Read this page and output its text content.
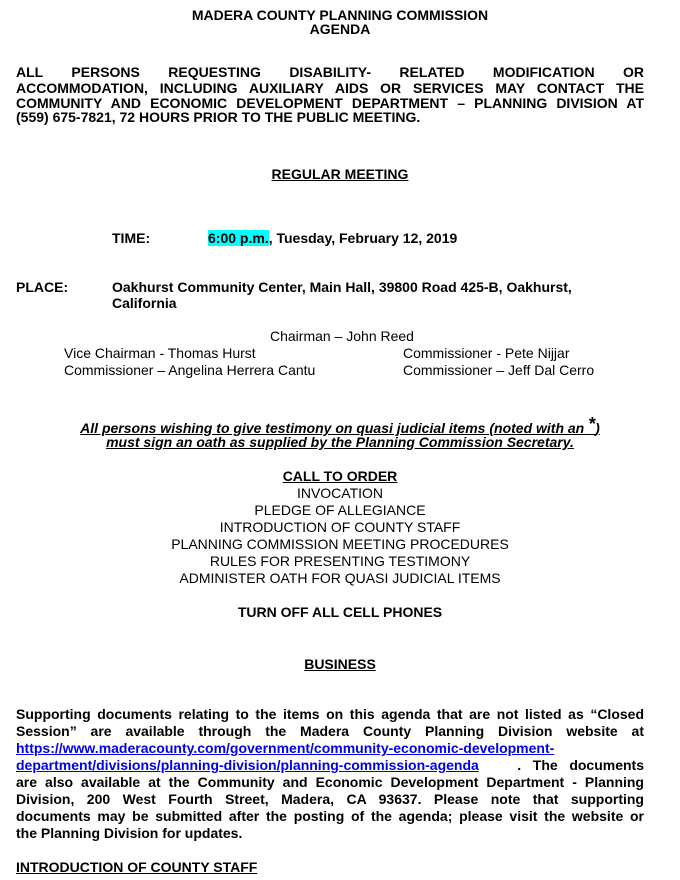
MADERA COUNTY PLANNING COMMISSION
AGENDA
ALL PERSONS REQUESTING DISABILITY- RELATED MODIFICATION OR
ACCOMMODATION, INCLUDING AUXILIARY AIDS OR SERVICES MAY CONTACT THE
COMMUNITY AND ECONOMIC DEVELOPMENT DEPARTMENT – PLANNING DIVISION AT
(559) 675-7821, 72 HOURS PRIOR TO THE PUBLIC MEETING.
REGULAR MEETING
TIME:	6:00 p.m., Tuesday, February 12, 2019
PLACE:	Oakhurst Community Center, Main Hall, 39800 Road 425-B, Oakhurst,
California
Chairman – John Reed
Vice Chairman - Thomas Hurst	Commissioner - Pete Nijjar
Commissioner – Angelina Herrera Cantu	Commissioner – Jeff Dal Cerro
All persons wishing to give testimony on quasi judicial items (noted with an *)
must sign an oath as supplied by the Planning Commission Secretary.
CALL TO ORDER
INVOCATION
PLEDGE OF ALLEGIANCE
INTRODUCTION OF COUNTY STAFF
PLANNING COMMISSION MEETING PROCEDURES
RULES FOR PRESENTING TESTIMONY
ADMINISTER OATH FOR QUASI JUDICIAL ITEMS
TURN OFF ALL CELL PHONES
BUSINESS
Supporting documents relating to the items on this agenda that are not listed as “Closed
Session” are available through the Madera County Planning Division website at
https://www.maderacounty.com/government/community-economic-development-
department/divisions/planning-division/planning-commission-agenda	.   The   documents
are also available at the Community and Economic Development Department - Planning
Division, 200 West Fourth Street, Madera, CA 93637. Please note that supporting
documents may be submitted after the posting of the agenda; please visit the website or
the Planning Division for updates.
INTRODUCTION OF COUNTY STAFF
